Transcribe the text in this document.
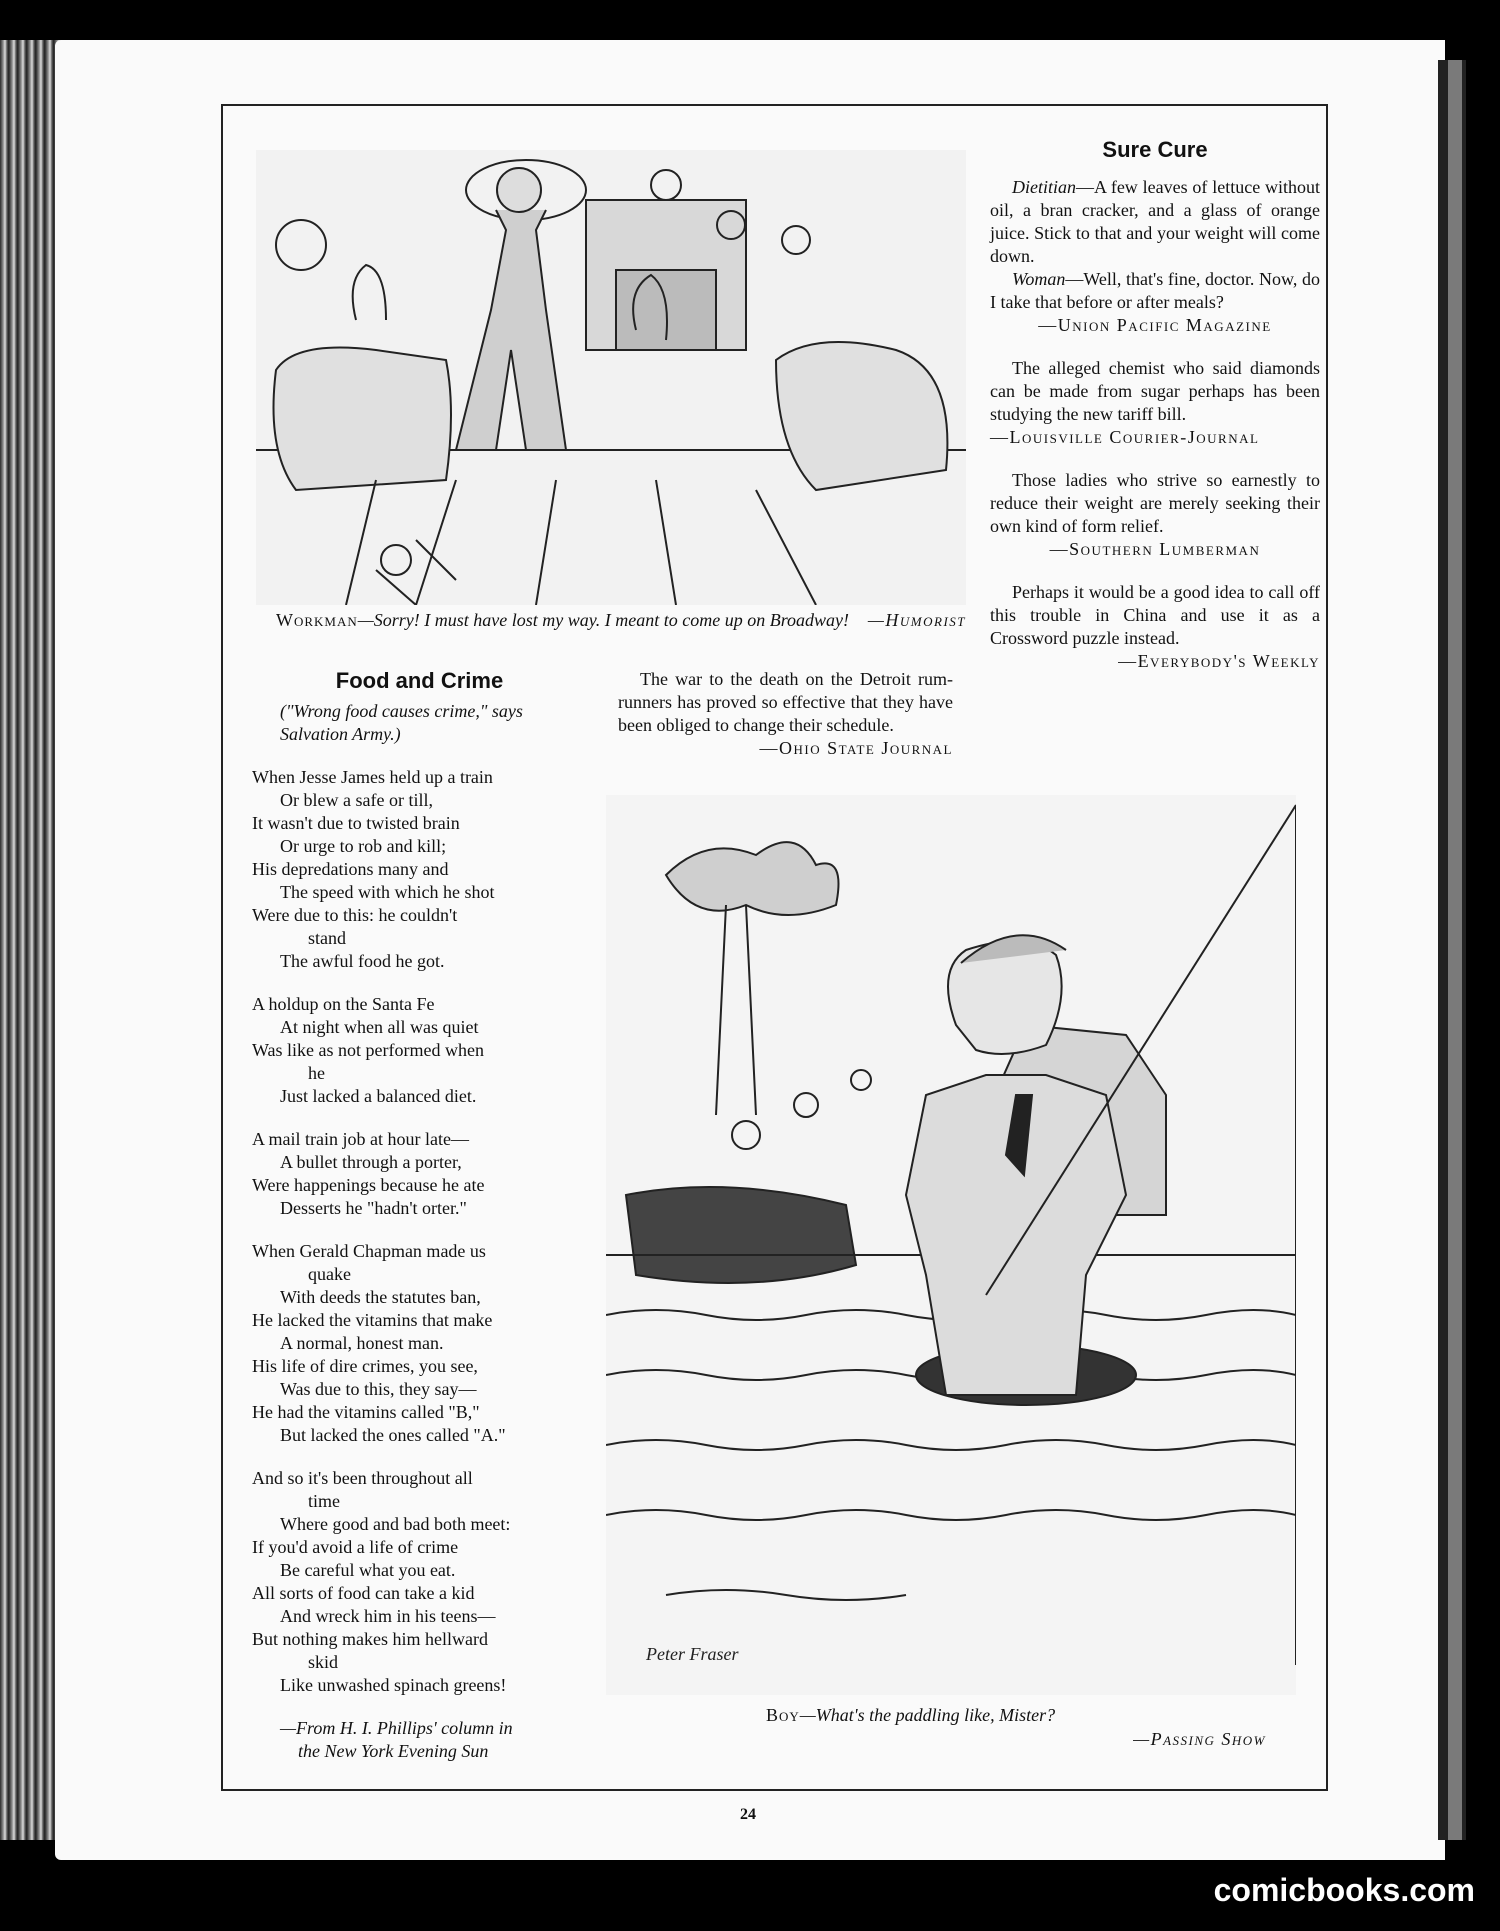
Workman—Sorry! I must have lost my way. I meant to come up on Broadway!	—Humorist
Sure Cure

Dietitian—A few leaves of lettuce without oil, a bran cracker, and a glass of orange juice. Stick to that and your weight will come down.

Woman—Well, that's fine, doctor. Now, do I take that before or after meals?

—Union Pacific Magazine

The alleged chemist who said diamonds can be made from sugar perhaps has been studying the new tariff bill.

—Louisville Courier-Journal

Those ladies who strive so earnestly to reduce their weight are merely seeking their own kind of form relief.

—Southern Lumberman

Perhaps it would be a good idea to call off this trouble in China and use it as a Crossword puzzle instead.

—Everybody's Weekly

The war to the death on the Detroit rum-runners has proved so effective that they have been obliged to change their schedule.

—Ohio State Journal
Food and Crime
("Wrong food causes crime," says Salvation Army.)
When Jesse James held up a train
Or blew a safe or till,
It wasn't due to twisted brain
Or urge to rob and kill;
His depredations many and
The speed with which he shot
Were due to this: he couldn't
stand
The awful food he got.
A holdup on the Santa Fe
At night when all was quiet
Was like as not performed when
he
Just lacked a balanced diet.
A mail train job at hour late—
A bullet through a porter,
Were happenings because he ate
Desserts he "hadn't orter."
When Gerald Chapman made us
quake
With deeds the statutes ban,
He lacked the vitamins that make
A normal, honest man.
His life of dire crimes, you see,
Was due to this, they say—
He had the vitamins called "B,"
But lacked the ones called "A."
And so it's been throughout all
time
Where good and bad both meet:
If you'd avoid a life of crime
Be careful what you eat.
All sorts of food can take a kid
And wreck him in his teens—
But nothing makes him hellward
skid
Like unwashed spinach greens!
—From H. I. Phillips' column in
the New York Evening Sun
Peter Fraser
Boy—What's the paddling like, Mister?
—Passing Show
24
comicbooks.com
